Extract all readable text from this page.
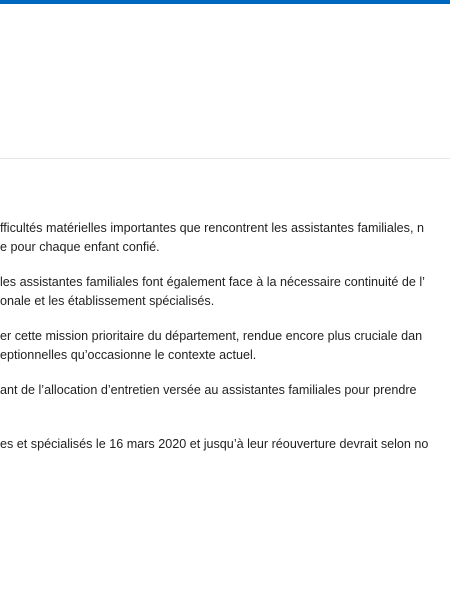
fficultés matérielles importantes que rencontrent les assistantes familiales, n
e pour chaque enfant confié.
les assistantes familiales font également face à la nécessaire continuité de l’
onale et les établissement spécialisés.
er cette mission prioritaire du département, rendue encore plus cruciale dan
eptionnelles qu’occasionne le contexte actuel.
ant de l’allocation d’entretien versée au assistantes familiales pour prendre
es et spécialisés le 16 mars 2020 et jusqu’à leur réouverture devrait selon no
